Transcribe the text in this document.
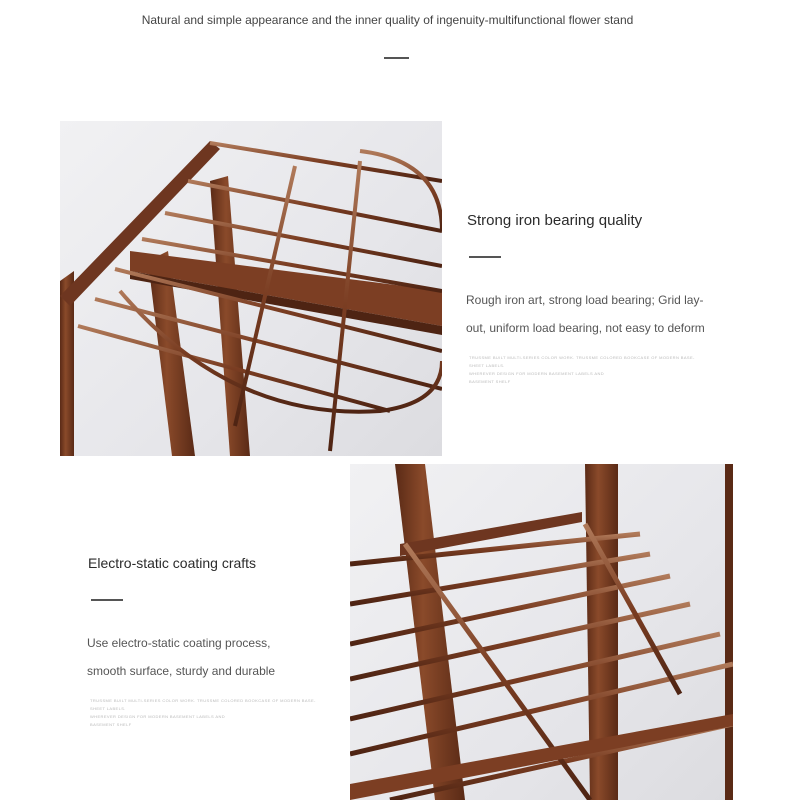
Natural and simple appearance and the inner quality of ingenuity-multifunctional flower stand
Strong iron bearing quality
Rough iron art, strong load bearing; Grid lay-
out, uniform load bearing, not easy to deform
TRUSSME BUILT MULTI-SERIES COLOR WORK. TRUSSME COLORED BOOKCASE OF MODERN BASE-SHEET LABELS.
WHEREVER DESIGN FOR MODERN BASEMENT LABELS AND
BASEMENT SHELF
Electro-static coating crafts
Use electro-static coating process,
smooth surface, sturdy and durable
TRUSSME BUILT MULTI-SERIES COLOR WORK. TRUSSME COLORED BOOKCASE OF MODERN BASE-SHEET LABELS.
WHEREVER DESIGN FOR MODERN BASEMENT LABELS AND
BASEMENT SHELF
